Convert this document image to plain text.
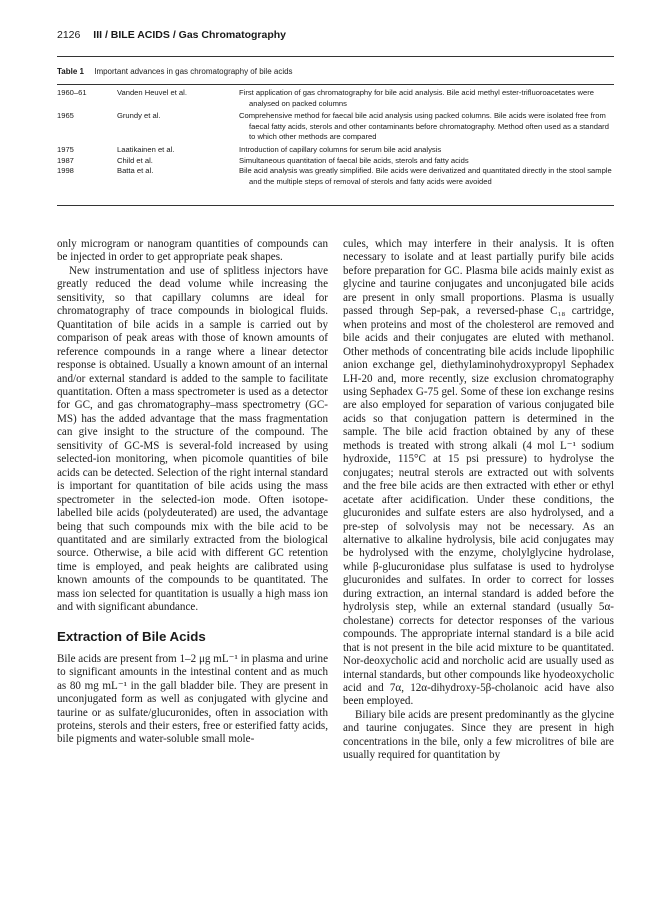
2126 III / BILE ACIDS / Gas Chromatography
Table 1 Important advances in gas chromatography of bile acids
1960–61	Vanden Heuvel et al.	First application of gas chromatography for bile acid analysis. Bile acid methyl ester-trifluoroacetates were analysed on packed columns
1965	Grundy et al.	Comprehensive method for faecal bile acid analysis using packed columns. Bile acids were isolated free from faecal fatty acids, sterols and other contaminants before chromatography. Method often used as a standard to which other methods are compared
1975	Laatikainen et al.	Introduction of capillary columns for serum bile acid analysis
1987	Child et al.	Simultaneous quantitation of faecal bile acids, sterols and fatty acids
1998	Batta et al.	Bile acid analysis was greatly simplified. Bile acids were derivatized and quantitated directly in the stool sample and the multiple steps of removal of sterols and fatty acids were avoided

only microgram or nanogram quantities of compounds can be injected in order to get appropriate peak shapes.

New instrumentation and use of splitless injectors have greatly reduced the dead volume while increasing the sensitivity, so that capillary columns are ideal for chromatography of trace compounds in biological fluids. Quantitation of bile acids in a sample is carried out by comparison of peak areas with those of known amounts of reference compounds in a range where a linear detector response is obtained. Usually a known amount of an internal and/or external standard is added to the sample to facilitate quantitation. Often a mass spectrometer is used as a detector for GC, and gas chromatography–mass spectrometry (GC-MS) has the added advantage that the mass fragmentation can give insight to the structure of the compound. The sensitivity of GC-MS is several-fold increased by using selected-ion monitoring, when picomole quantities of bile acids can be detected. Selection of the right internal standard is important for quantitation of bile acids using the mass spectrometer in the selected-ion mode. Often isotope-labelled bile acids (polydeuterated) are used, the advantage being that such compounds mix with the bile acid to be quantitated and are similarly extracted from the biological source. Otherwise, a bile acid with different GC retention time is employed, and peak heights are calibrated using known amounts of the compounds to be quantitated. The mass ion selected for quantitation is usually a high mass ion and with significant abundance.

Extraction of Bile Acids

Bile acids are present from 1–2 μg mL⁻¹ in plasma and urine to significant amounts in the intestinal content and as much as 80 mg mL⁻¹ in the gall bladder bile. They are present in unconjugated form as well as conjugated with glycine and taurine or as sulfate/glucuronides, often in association with proteins, sterols and their esters, free or esterified fatty acids, bile pigments and water-soluble small mole-

cules, which may interfere in their analysis. It is often necessary to isolate and at least partially purify bile acids before preparation for GC. Plasma bile acids mainly exist as glycine and taurine conjugates and unconjugated bile acids are present in only small proportions. Plasma is usually passed through Sep-pak, a reversed-phase C₁₈ cartridge, when proteins and most of the cholesterol are removed and bile acids and their conjugates are eluted with methanol. Other methods of concentrating bile acids include lipophilic anion exchange gel, diethylaminohydroxypropyl Sephadex LH-20 and, more recently, size exclusion chromatography using Sephadex G-75 gel. Some of these ion exchange resins are also employed for separation of various conjugated bile acids so that conjugation pattern is determined in the sample. The bile acid fraction obtained by any of these methods is treated with strong alkali (4 mol L⁻¹ sodium hydroxide, 115°C at 15 psi pressure) to hydrolyse the conjugates; neutral sterols are extracted out with solvents and the free bile acids are then extracted with ether or ethyl acetate after acidification. Under these conditions, the glucuronides and sulfate esters are also hydrolysed, and a pre-step of solvolysis may not be necessary. As an alternative to alkaline hydrolysis, bile acid conjugates may be hydrolysed with the enzyme, cholylglycine hydrolase, while β-glucuronidase plus sulfatase is used to hydrolyse glucuronides and sulfates. In order to correct for losses during extraction, an internal standard is added before the hydrolysis step, while an external standard (usually 5α-cholestane) corrects for detector responses of the various compounds. The appropriate internal standard is a bile acid that is not present in the bile acid mixture to be quantitated. Nor-deoxycholic acid and norcholic acid are usually used as internal standards, but other compounds like hyodeoxycholic acid and 7α, 12α-dihydroxy-5β-cholanoic acid have also been employed.

Biliary bile acids are present predominantly as the glycine and taurine conjugates. Since they are present in high concentrations in the bile, only a few microlitres of bile are usually required for quantitation by
